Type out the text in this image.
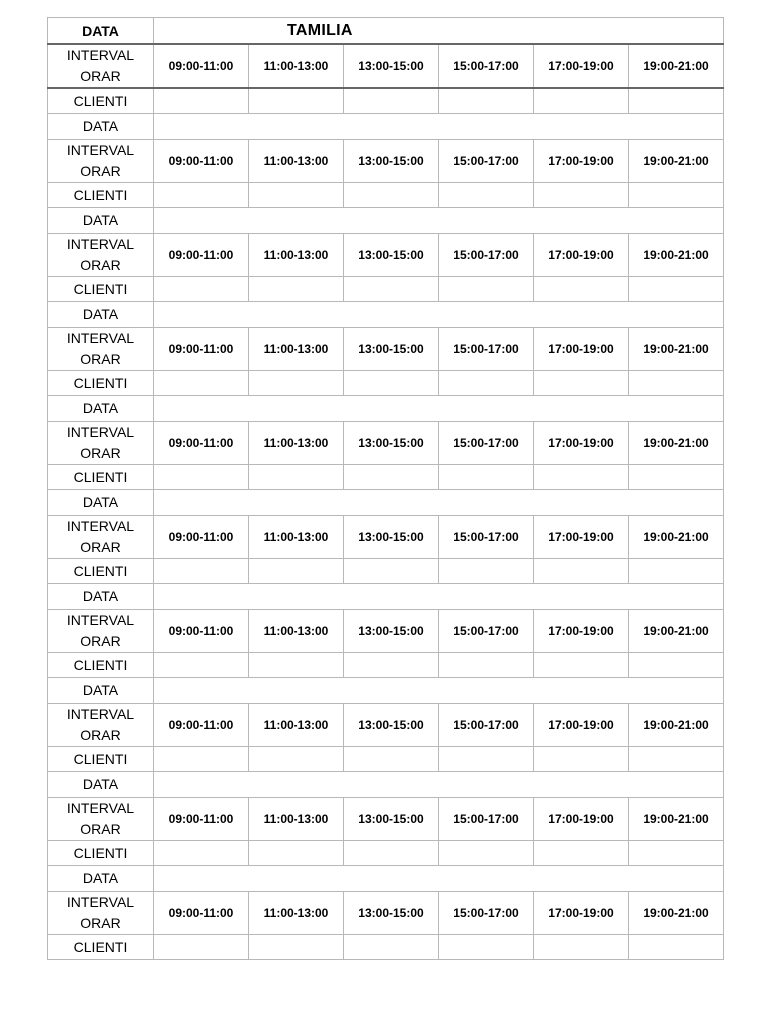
DATA	TAMILIA					
INTERVAL
ORAR	09:00-11:00	11:00-13:00	13:00-15:00	15:00-17:00	17:00-19:00	19:00-21:00
CLIENTI						
DATA						
INTERVAL
ORAR	09:00-11:00	11:00-13:00	13:00-15:00	15:00-17:00	17:00-19:00	19:00-21:00
CLIENTI						
DATA						
INTERVAL
ORAR	09:00-11:00	11:00-13:00	13:00-15:00	15:00-17:00	17:00-19:00	19:00-21:00
CLIENTI						
DATA						
INTERVAL
ORAR	09:00-11:00	11:00-13:00	13:00-15:00	15:00-17:00	17:00-19:00	19:00-21:00
CLIENTI						
DATA						
INTERVAL
ORAR	09:00-11:00	11:00-13:00	13:00-15:00	15:00-17:00	17:00-19:00	19:00-21:00
CLIENTI						
DATA						
INTERVAL
ORAR	09:00-11:00	11:00-13:00	13:00-15:00	15:00-17:00	17:00-19:00	19:00-21:00
CLIENTI						
DATA						
INTERVAL
ORAR	09:00-11:00	11:00-13:00	13:00-15:00	15:00-17:00	17:00-19:00	19:00-21:00
CLIENTI						
DATA						
INTERVAL
ORAR	09:00-11:00	11:00-13:00	13:00-15:00	15:00-17:00	17:00-19:00	19:00-21:00
CLIENTI						
DATA						
INTERVAL
ORAR	09:00-11:00	11:00-13:00	13:00-15:00	15:00-17:00	17:00-19:00	19:00-21:00
CLIENTI						
DATA						
INTERVAL
ORAR	09:00-11:00	11:00-13:00	13:00-15:00	15:00-17:00	17:00-19:00	19:00-21:00
CLIENTI						
